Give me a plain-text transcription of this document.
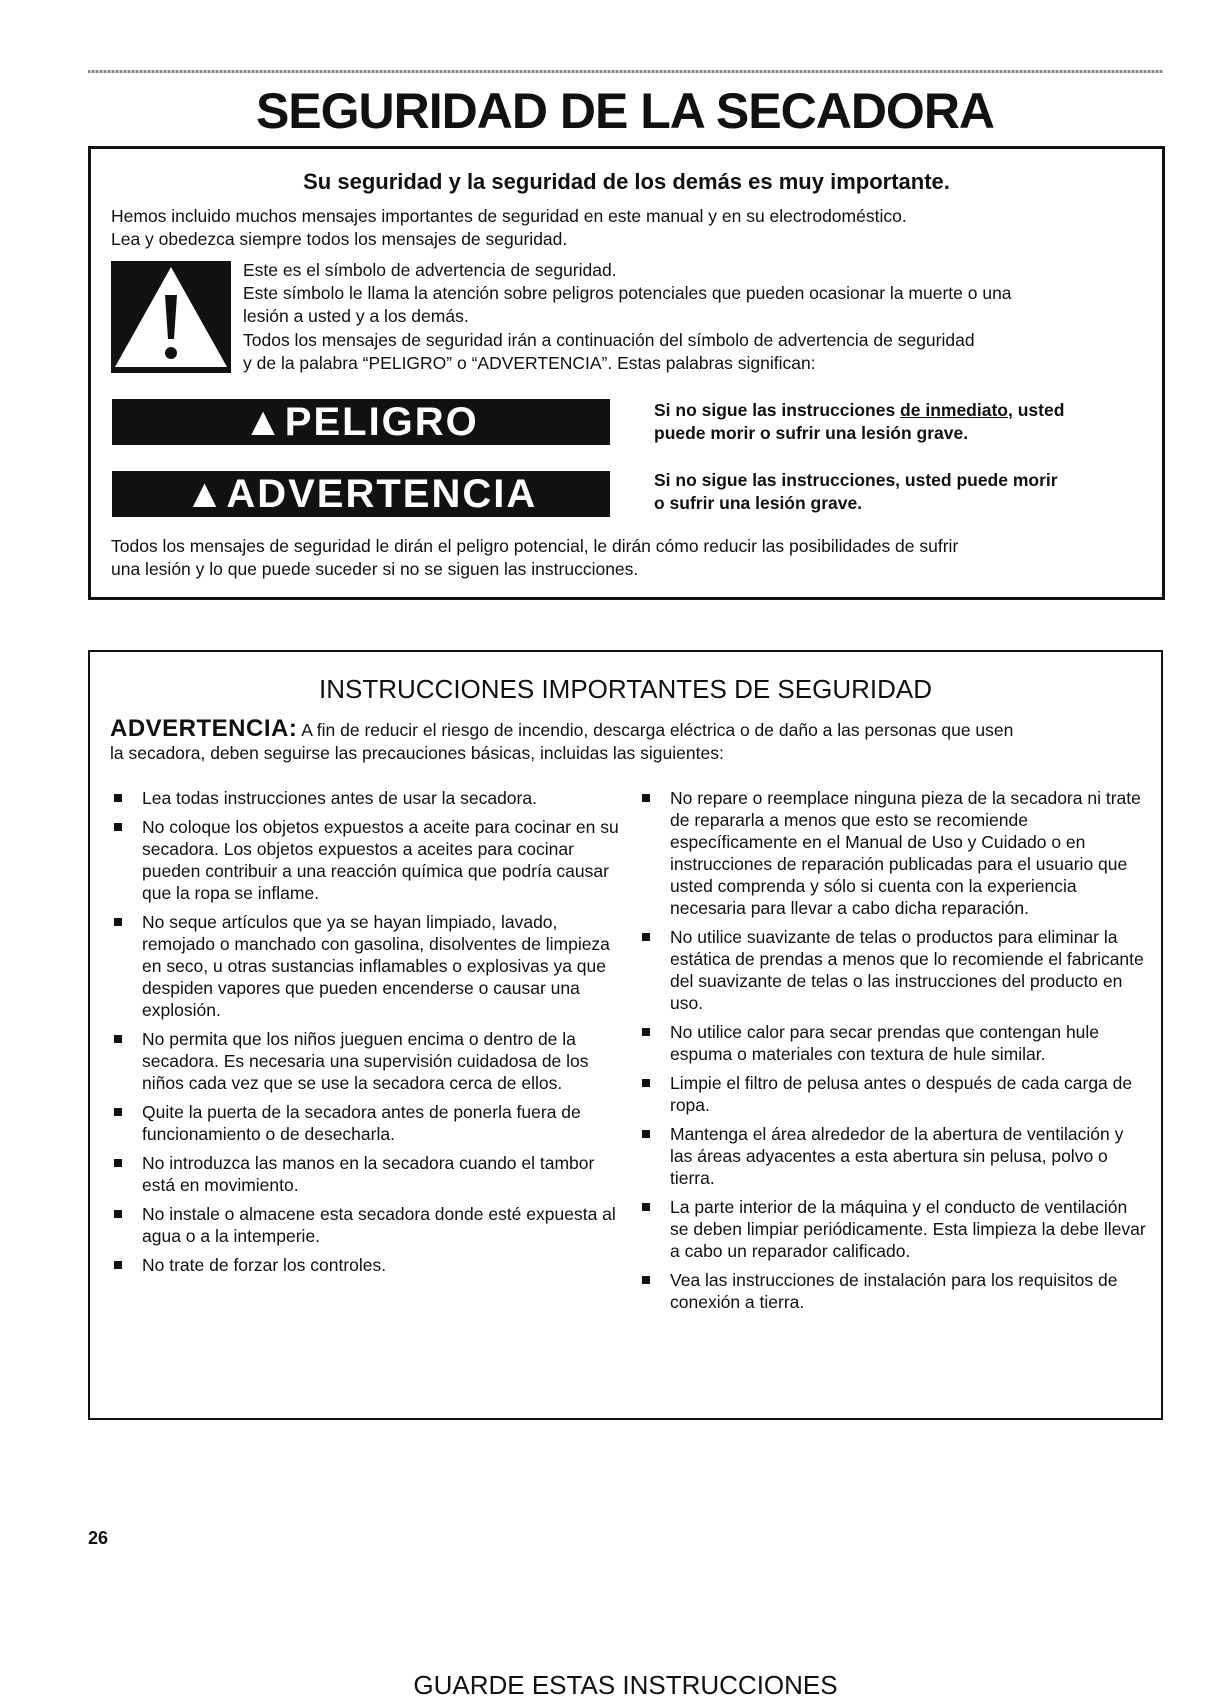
SEGURIDAD DE LA SECADORA
Su seguridad y la seguridad de los demás es muy importante.
Hemos incluido muchos mensajes importantes de seguridad en este manual y en su electrodoméstico.
Lea y obedezca siempre todos los mensajes de seguridad.
Este es el símbolo de advertencia de seguridad.
Este símbolo le llama la atención sobre peligros potenciales que pueden ocasionar la muerte o una
lesión a usted y a los demás.
Todos los mensajes de seguridad irán a continuación del símbolo de advertencia de seguridad
y de la palabra “PELIGRO” o “ADVERTENCIA”. Estas palabras significan:
▲PELIGRO	Si no sigue las instrucciones de inmediato, usted
puede morir o sufrir una lesión grave.
▲ADVERTENCIA	Si no sigue las instrucciones, usted puede morir
o sufrir una lesión grave.
Todos los mensajes de seguridad le dirán el peligro potencial, le dirán cómo reducir las posibilidades de sufrir
una lesión y lo que puede suceder si no se siguen las instrucciones.
INSTRUCCIONES IMPORTANTES DE SEGURIDAD
ADVERTENCIA: A fin de reducir el riesgo de incendio, descarga eléctrica o de daño a las personas que usen
la secadora, deben seguirse las precauciones básicas, incluidas las siguientes:
Lea todas instrucciones antes de usar la secadora.
No coloque los objetos expuestos a aceite para cocinar en su secadora. Los objetos expuestos a aceites para cocinar pueden contribuir a una reacción química que podría causar que la ropa se inflame.
No seque artículos que ya se hayan limpiado, lavado, remojado o manchado con gasolina, disolventes de limpieza en seco, u otras sustancias inflamables o explosivas ya que despiden vapores que pueden encenderse o causar una explosión.
No permita que los niños jueguen encima o dentro de la secadora. Es necesaria una supervisión cuidadosa de los niños cada vez que se use la secadora cerca de ellos.
Quite la puerta de la secadora antes de ponerla fuera de funcionamiento o de desecharla.
No introduzca las manos en la secadora cuando el tambor está en movimiento.
No instale o almacene esta secadora donde esté expuesta al agua o a la intemperie.
No trate de forzar los controles.
No repare o reemplace ninguna pieza de la secadora ni trate de repararla a menos que esto se recomiende específicamente en el Manual de Uso y Cuidado o en instrucciones de reparación publicadas para el usuario que usted comprenda y sólo si cuenta con la experiencia necesaria para llevar a cabo dicha reparación.
No utilice suavizante de telas o productos para eliminar la estática de prendas a menos que lo recomiende el fabricante del suavizante de telas o las instrucciones del producto en uso.
No utilice calor para secar prendas que contengan hule espuma o materiales con textura de hule similar.
Limpie el filtro de pelusa antes o después de cada carga de ropa.
Mantenga el área alrededor de la abertura de ventilación y las áreas adyacentes a esta abertura sin pelusa, polvo o tierra.
La parte interior de la máquina y el conducto de ventilación se deben limpiar periódicamente. Esta limpieza la debe llevar a cabo un reparador calificado.
Vea las instrucciones de instalación para los requisitos de conexión a tierra.
GUARDE ESTAS INSTRUCCIONES
26
